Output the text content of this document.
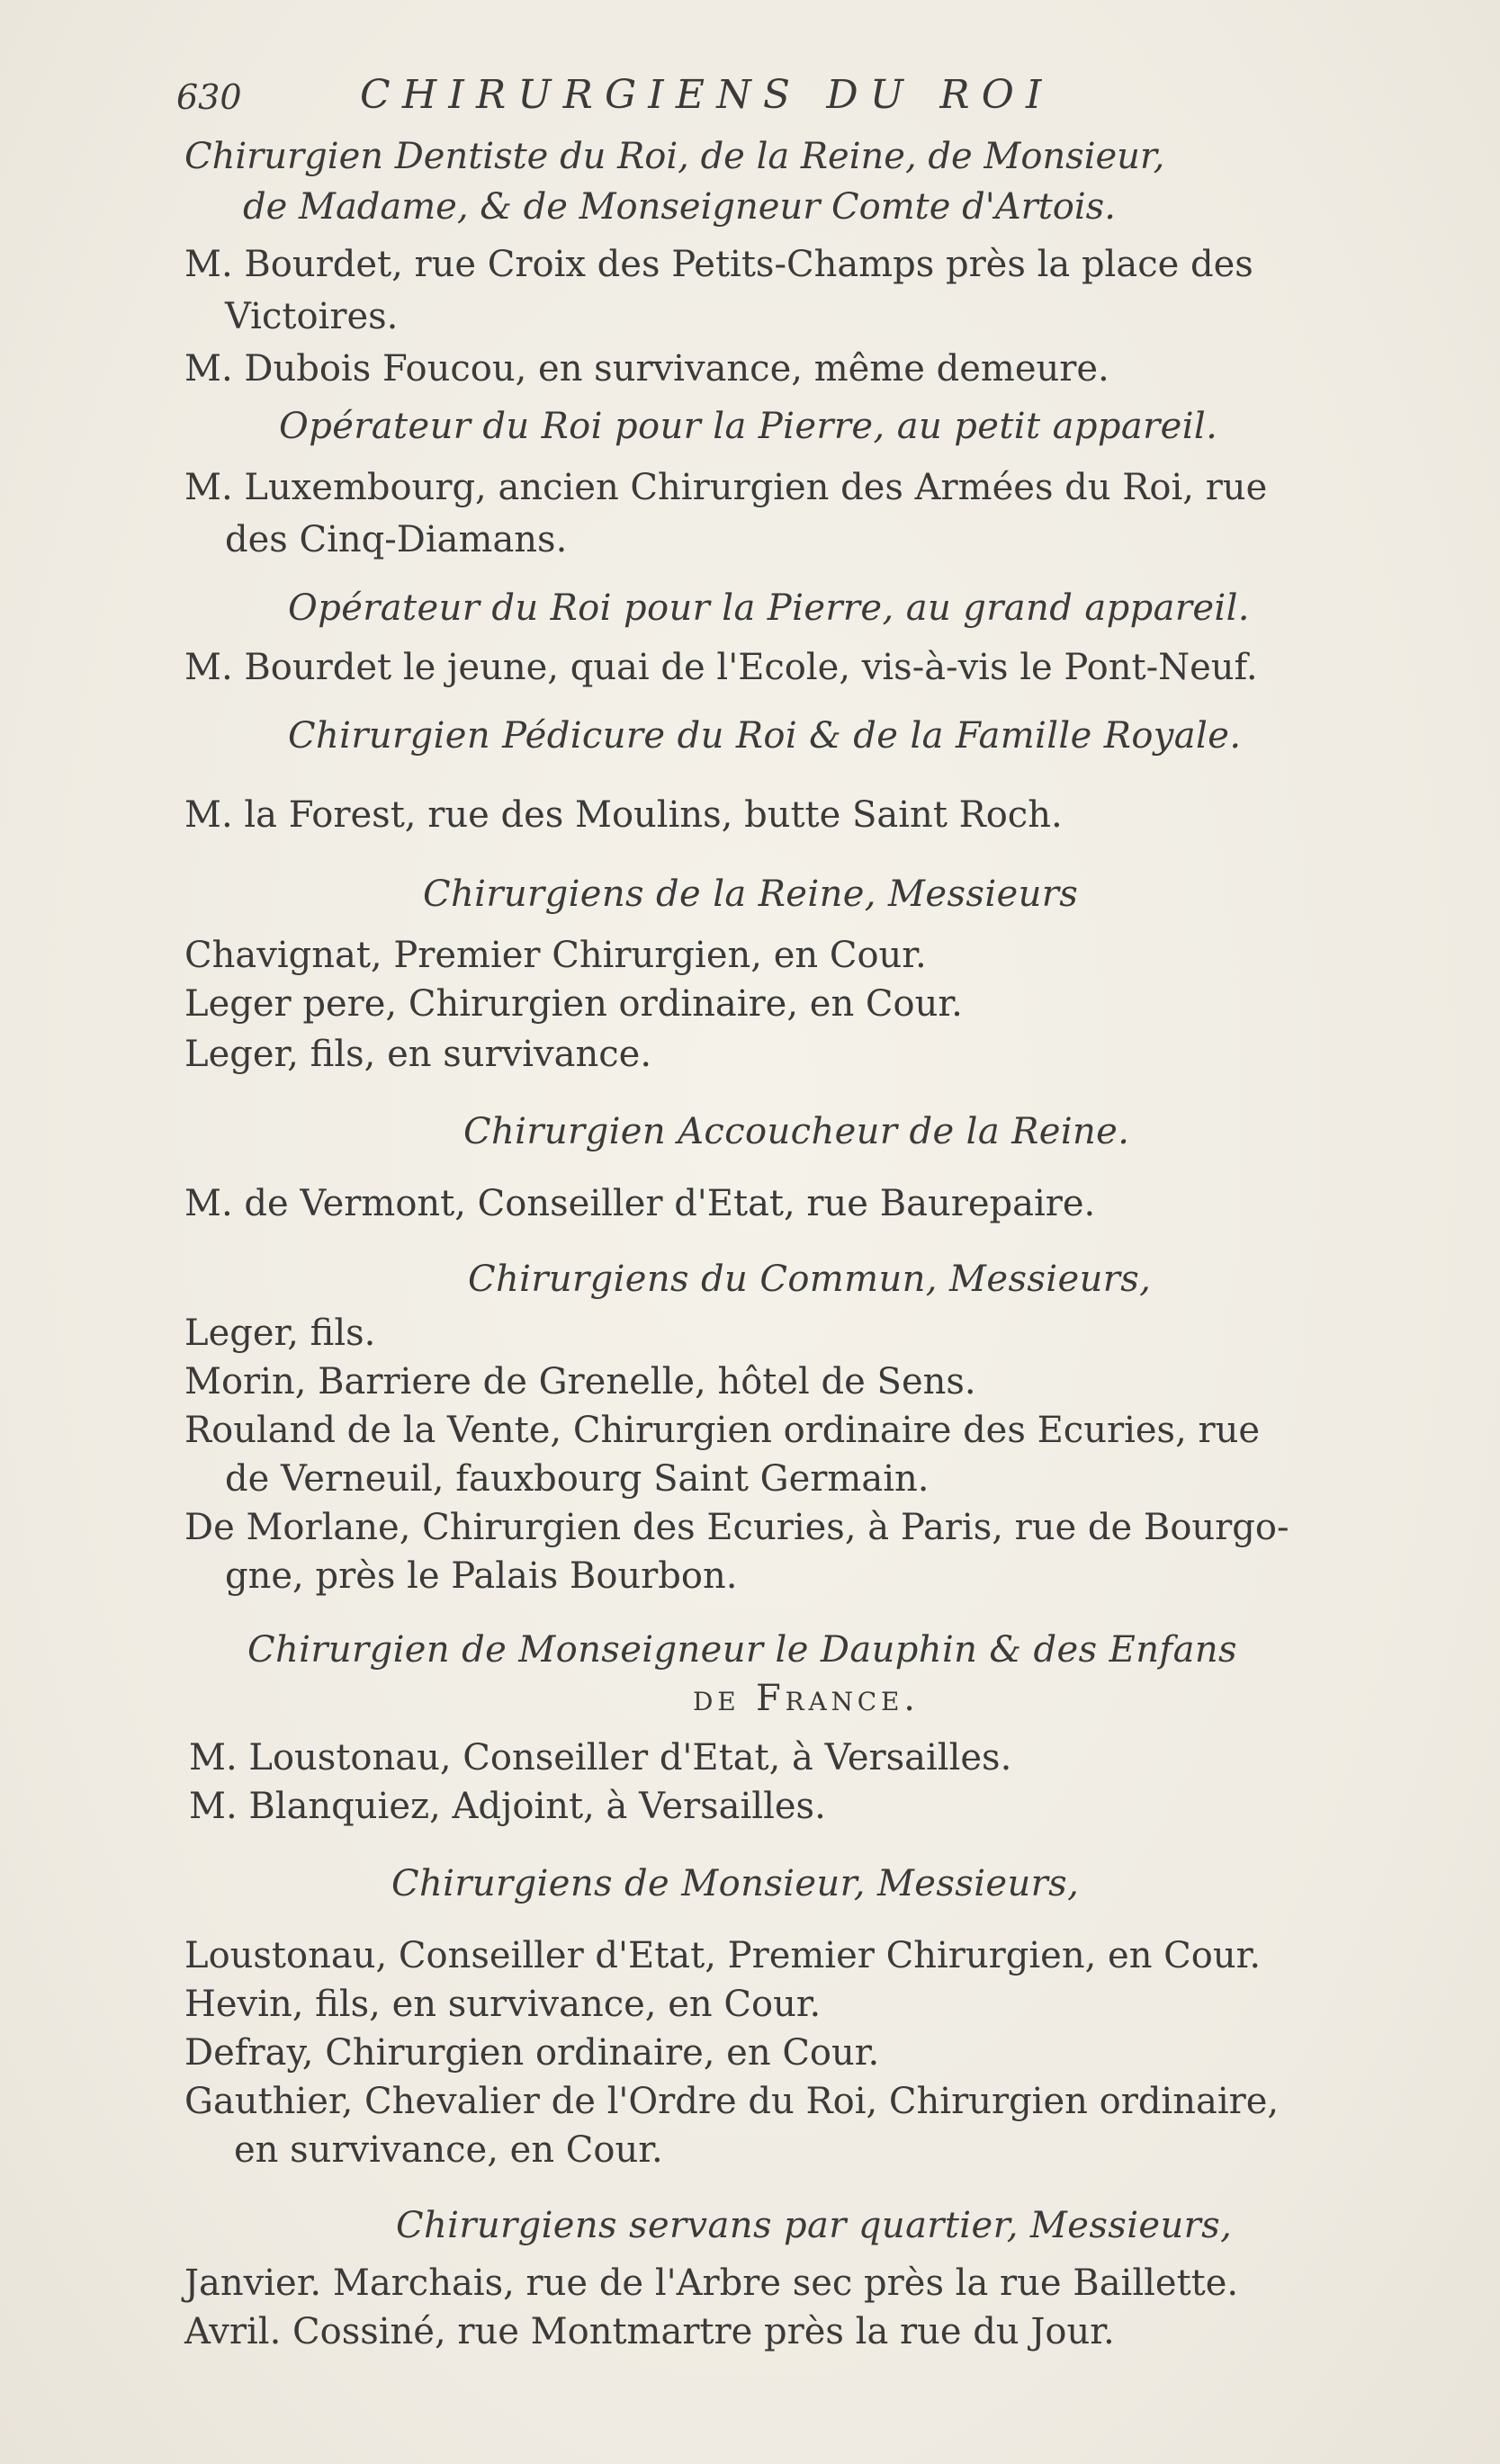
630	CHIRURGIENS DU ROI
Chirurgien Dentiste du Roi, de la Reine, de Monsieur,
de Madame, & de Monseigneur Comte d'Artois.
M. Bourdet, rue Croix des Petits-Champs près la place des
Victoires.
M. Dubois Foucou, en survivance, même demeure.
Opérateur du Roi pour la Pierre, au petit appareil.
M. Luxembourg, ancien Chirurgien des Armées du Roi, rue
des Cinq-Diamans.
Opérateur du Roi pour la Pierre, au grand appareil.
M. Bourdet le jeune, quai de l'Ecole, vis-à-vis le Pont-Neuf.
Chirurgien Pédicure du Roi & de la Famille Royale.
M. la Forest, rue des Moulins, butte Saint Roch.
Chirurgiens de la Reine, Messieurs
Chavignat, Premier Chirurgien, en Cour.
Leger pere, Chirurgien ordinaire, en Cour.
Leger, fils, en survivance.
Chirurgien Accoucheur de la Reine.
M. de Vermont, Conseiller d'Etat, rue Baurepaire.
Chirurgiens du Commun, Messieurs,
Leger, fils.
Morin, Barriere de Grenelle, hôtel de Sens.
Rouland de la Vente, Chirurgien ordinaire des Ecuries, rue
de Verneuil, fauxbourg Saint Germain.
De Morlane, Chirurgien des Ecuries, à Paris, rue de Bourgo-
gne, près le Palais Bourbon.
Chirurgien de Monseigneur le Dauphin & des Enfans
de France.
M. Loustonau, Conseiller d'Etat, à Versailles.
M. Blanquiez, Adjoint, à Versailles.
Chirurgiens de Monsieur, Messieurs,
Loustonau, Conseiller d'Etat, Premier Chirurgien, en Cour.
Hevin, fils, en survivance, en Cour.
Defray, Chirurgien ordinaire, en Cour.
Gauthier, Chevalier de l'Ordre du Roi, Chirurgien ordinaire,
en survivance, en Cour.
Chirurgiens servans par quartier, Messieurs,
Janvier. Marchais, rue de l'Arbre sec près la rue Baillette.
Avril. Cossiné, rue Montmartre près la rue du Jour.
